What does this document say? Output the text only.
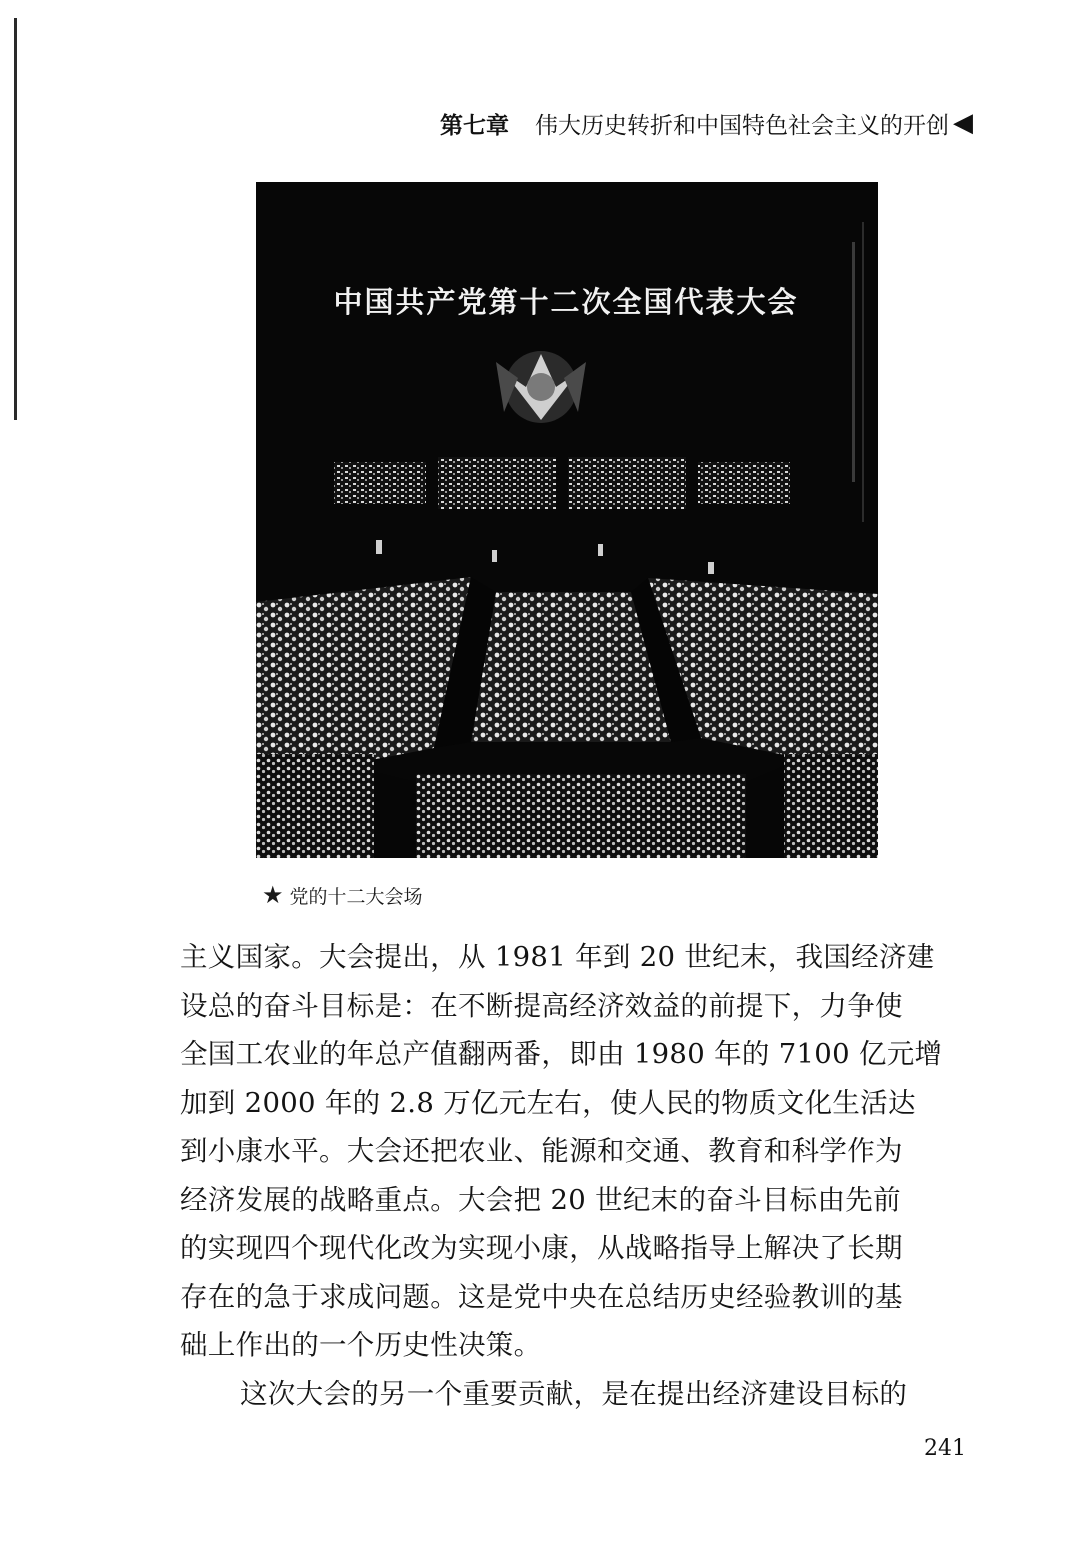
第七章 伟大历史转折和中国特色社会主义的开创 ◀
中国共产党第十二次全国代表大会
★ 党的十二大会场
主义国家。大会提出，从 1981 年到 20 世纪末，我国经济建
设总的奋斗目标是：在不断提高经济效益的前提下，力争使
全国工农业的年总产值翻两番，即由 1980 年的 7100 亿元增
加到 2000 年的 2.8 万亿元左右，使人民的物质文化生活达
到小康水平。大会还把农业、能源和交通、教育和科学作为
经济发展的战略重点。大会把 20 世纪末的奋斗目标由先前
的实现四个现代化改为实现小康，从战略指导上解决了长期
存在的急于求成问题。这是党中央在总结历史经验教训的基
础上作出的一个历史性决策。
这次大会的另一个重要贡献，是在提出经济建设目标的
241
